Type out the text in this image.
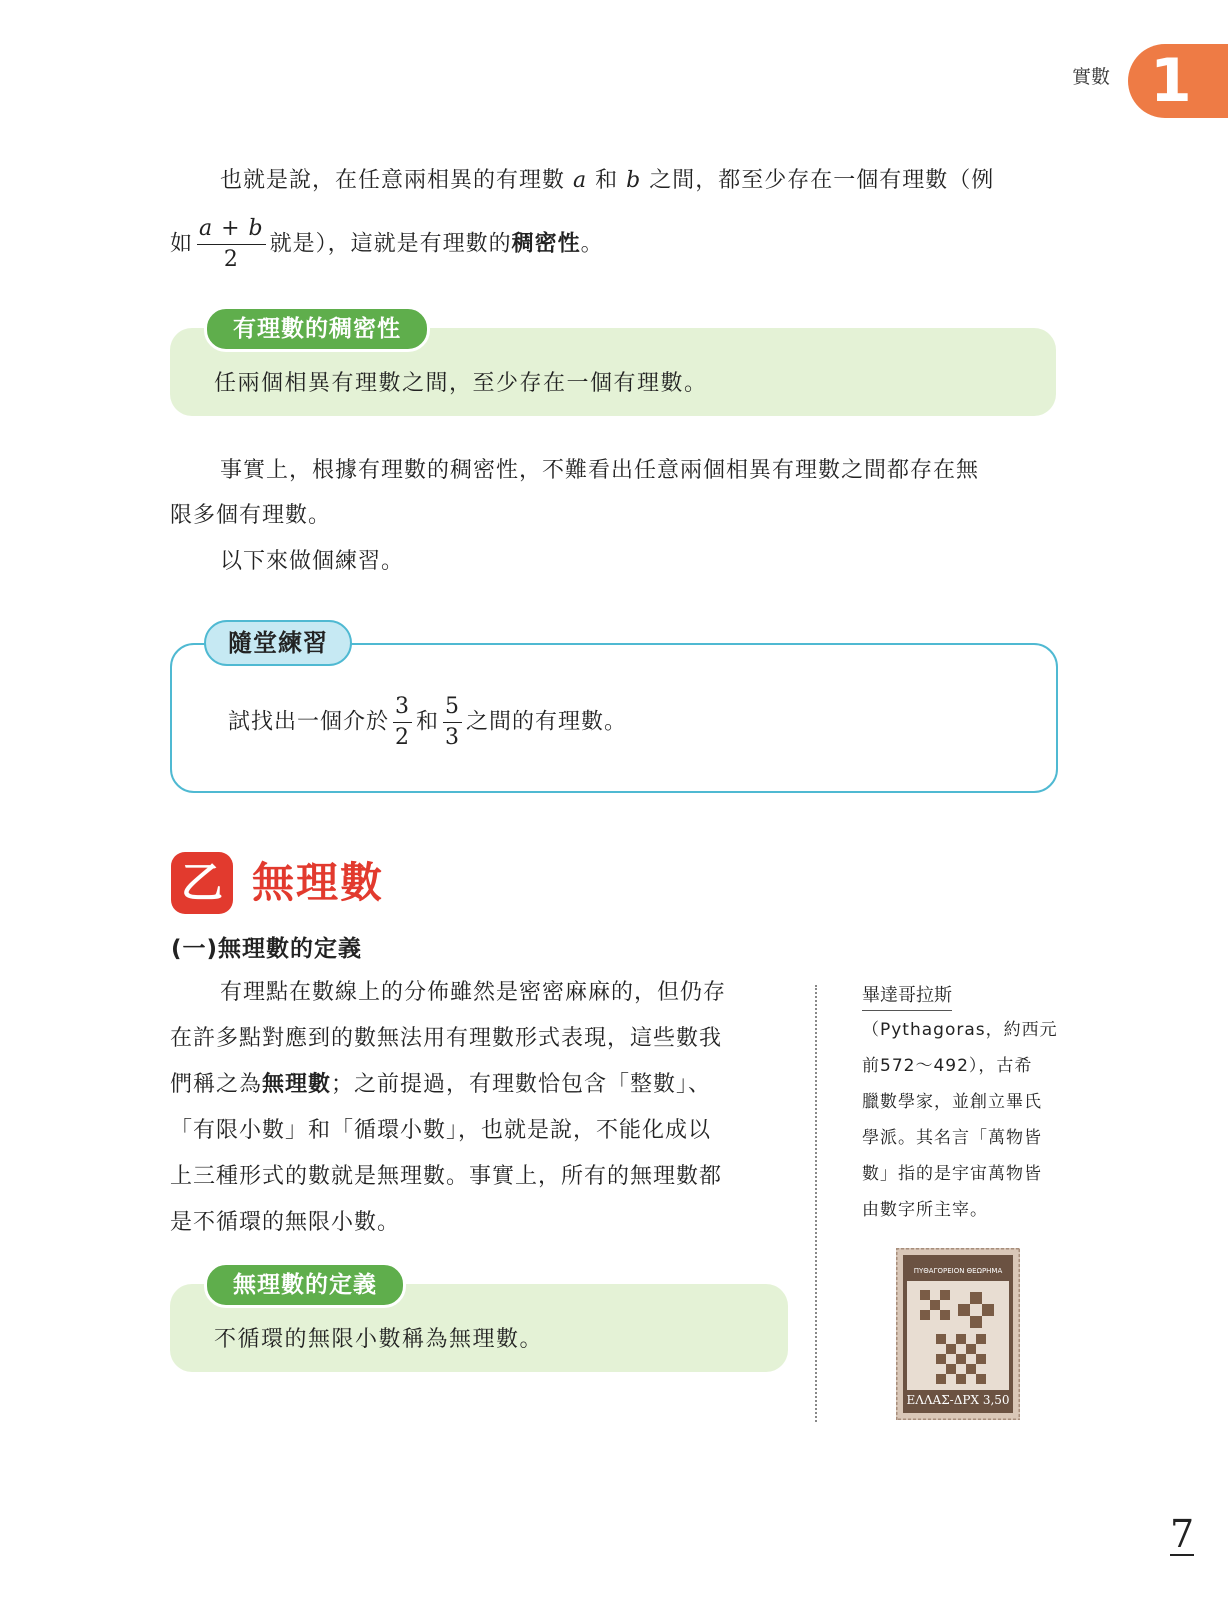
實數 1
也就是說，在任意兩相異的有理數 a 和 b 之間，都至少存在一個有理數（例
如 $\frac{a + b}{2}$ 就是），這就是有理數的稠密性。
有理數的稠密性
任兩個相異有理數之間，至少存在一個有理數。
事實上，根據有理數的稠密性，不難看出任意兩個相異有理數之間都存在無
限多個有理數。
以下來做個練習。
隨堂練習
試找出一個介於 $\frac{3}{2}$ 和 $\frac{5}{3}$ 之間的有理數。
乙 無理數
(一)無理數的定義
有理點在數線上的分佈雖然是密密麻麻的，但仍存
在許多點對應到的數無法用有理數形式表現，這些數我
們稱之為無理數；之前提過，有理數恰包含「整數」、
「有限小數」和「循環小數」，也就是說，不能化成以
上三種形式的數就是無理數。事實上，所有的無理數都
是不循環的無限小數。
無理數的定義
不循環的無限小數稱為無理數。
畢達哥拉斯
（Pythagoras，約西元
前572～492），古希
臘數學家，並創立畢氏
學派。其名言「萬物皆
數」指的是宇宙萬物皆
由數字所主宰。
ΠΥΘΑΓΟΡΕΙΟΝ ΘΕΩΡΗΜΑ
ΕΛΛΑΣ-ΔΡΧ 3,50
7
